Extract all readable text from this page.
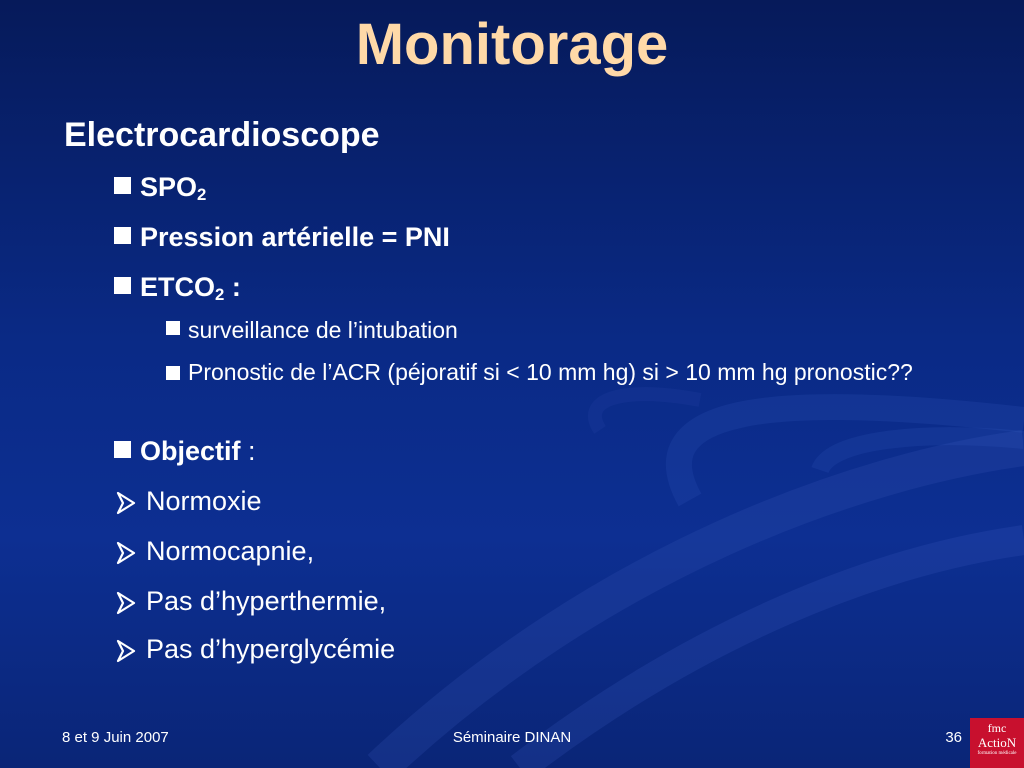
Monitorage
Electrocardioscope
$SPO_2$
Pression artérielle = PNI
$ETCO_2$ :
surveillance de l’intubation
Pronostic de l’ACR (péjoratif si < 10 mm hg) si > 10 mm hg pronostic??
Objectif :
Normoxie
Normocapnie,
Pas d’hyperthermie,
Pas d’hyperglycémie
8 et 9 Juin 2007	Séminaire DINAN	36
fmc
ActioN
formation médicale
